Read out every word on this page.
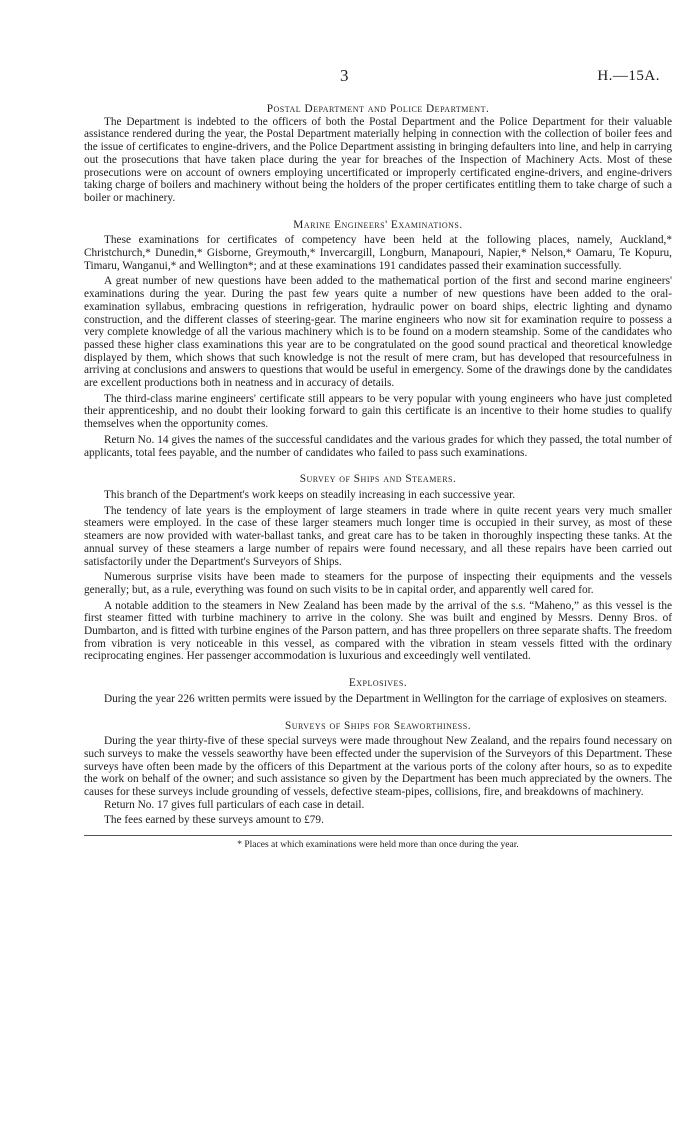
3	H.—15A.
Postal Department and Police Department.

The Department is indebted to the officers of both the Postal Department and the Police Department for their valuable assistance rendered during the year, the Postal Department materially helping in connection with the collection of boiler fees and the issue of certificates to engine-drivers, and the Police Department assisting in bringing defaulters into line, and help in carrying out the prosecutions that have taken place during the year for breaches of the Inspection of Machinery Acts. Most of these prosecutions were on account of owners employing uncertificated or improperly certificated engine-drivers, and engine-drivers taking charge of boilers and machinery without being the holders of the proper certificates entitling them to take charge of such a boiler or machinery.

Marine Engineers' Examinations.

These examinations for certificates of competency have been held at the following places, namely, Auckland,* Christchurch,* Dunedin,* Gisborne, Greymouth,* Invercargill, Longburn, Manapouri, Napier,* Nelson,* Oamaru, Te Kopuru, Timaru, Wanganui,* and Wellington*; and at these examinations 191 candidates passed their examination successfully.

A great number of new questions have been added to the mathematical portion of the first and second marine engineers' examinations during the year. During the past few years quite a number of new questions have been added to the oral-examination syllabus, embracing questions in refrigeration, hydraulic power on board ships, electric lighting and dynamo construction, and the different classes of steering-gear. The marine engineers who now sit for examination require to possess a very complete knowledge of all the various machinery which is to be found on a modern steamship. Some of the candidates who passed these higher class examinations this year are to be congratulated on the good sound practical and theoretical knowledge displayed by them, which shows that such knowledge is not the result of mere cram, but has developed that resourcefulness in arriving at conclusions and answers to questions that would be useful in emergency. Some of the drawings done by the candidates are excellent productions both in neatness and in accuracy of details.

The third-class marine engineers' certificate still appears to be very popular with young engineers who have just completed their apprenticeship, and no doubt their looking forward to gain this certificate is an incentive to their home studies to qualify themselves when the opportunity comes.

Return No. 14 gives the names of the successful candidates and the various grades for which they passed, the total number of applicants, total fees payable, and the number of candidates who failed to pass such examinations.

Survey of Ships and Steamers.

This branch of the Department's work keeps on steadily increasing in each successive year.

The tendency of late years is the employment of large steamers in trade where in quite recent years very much smaller steamers were employed. In the case of these larger steamers much longer time is occupied in their survey, as most of these steamers are now provided with water-ballast tanks, and great care has to be taken in thoroughly inspecting these tanks. At the annual survey of these steamers a large number of repairs were found necessary, and all these repairs have been carried out satisfactorily under the Department's Surveyors of Ships.

Numerous surprise visits have been made to steamers for the purpose of inspecting their equipments and the vessels generally; but, as a rule, everything was found on such visits to be in capital order, and apparently well cared for.

A notable addition to the steamers in New Zealand has been made by the arrival of the s.s. “Maheno,” as this vessel is the first steamer fitted with turbine machinery to arrive in the colony. She was built and engined by Messrs. Denny Bros. of Dumbarton, and is fitted with turbine engines of the Parson pattern, and has three propellers on three separate shafts. The freedom from vibration is very noticeable in this vessel, as compared with the vibration in steam vessels fitted with the ordinary reciprocating engines. Her passenger accommodation is luxurious and exceedingly well ventilated.

Explosives.

During the year 226 written permits were issued by the Department in Wellington for the carriage of explosives on steamers.

Surveys of Ships for Seaworthiness.

During the year thirty-five of these special surveys were made throughout New Zealand, and the repairs found necessary on such surveys to make the vessels seaworthy have been effected under the supervision of the Surveyors of this Department. These surveys have often been made by the officers of this Department at the various ports of the colony after hours, so as to expedite the work on behalf of the owner; and such assistance so given by the Department has been much appreciated by the owners. The causes for these surveys include grounding of vessels, defective steam-pipes, collisions, fire, and breakdowns of machinery.

Return No. 17 gives full particulars of each case in detail.

The fees earned by these surveys amount to £79.

* Places at which examinations were held more than once during the year.
